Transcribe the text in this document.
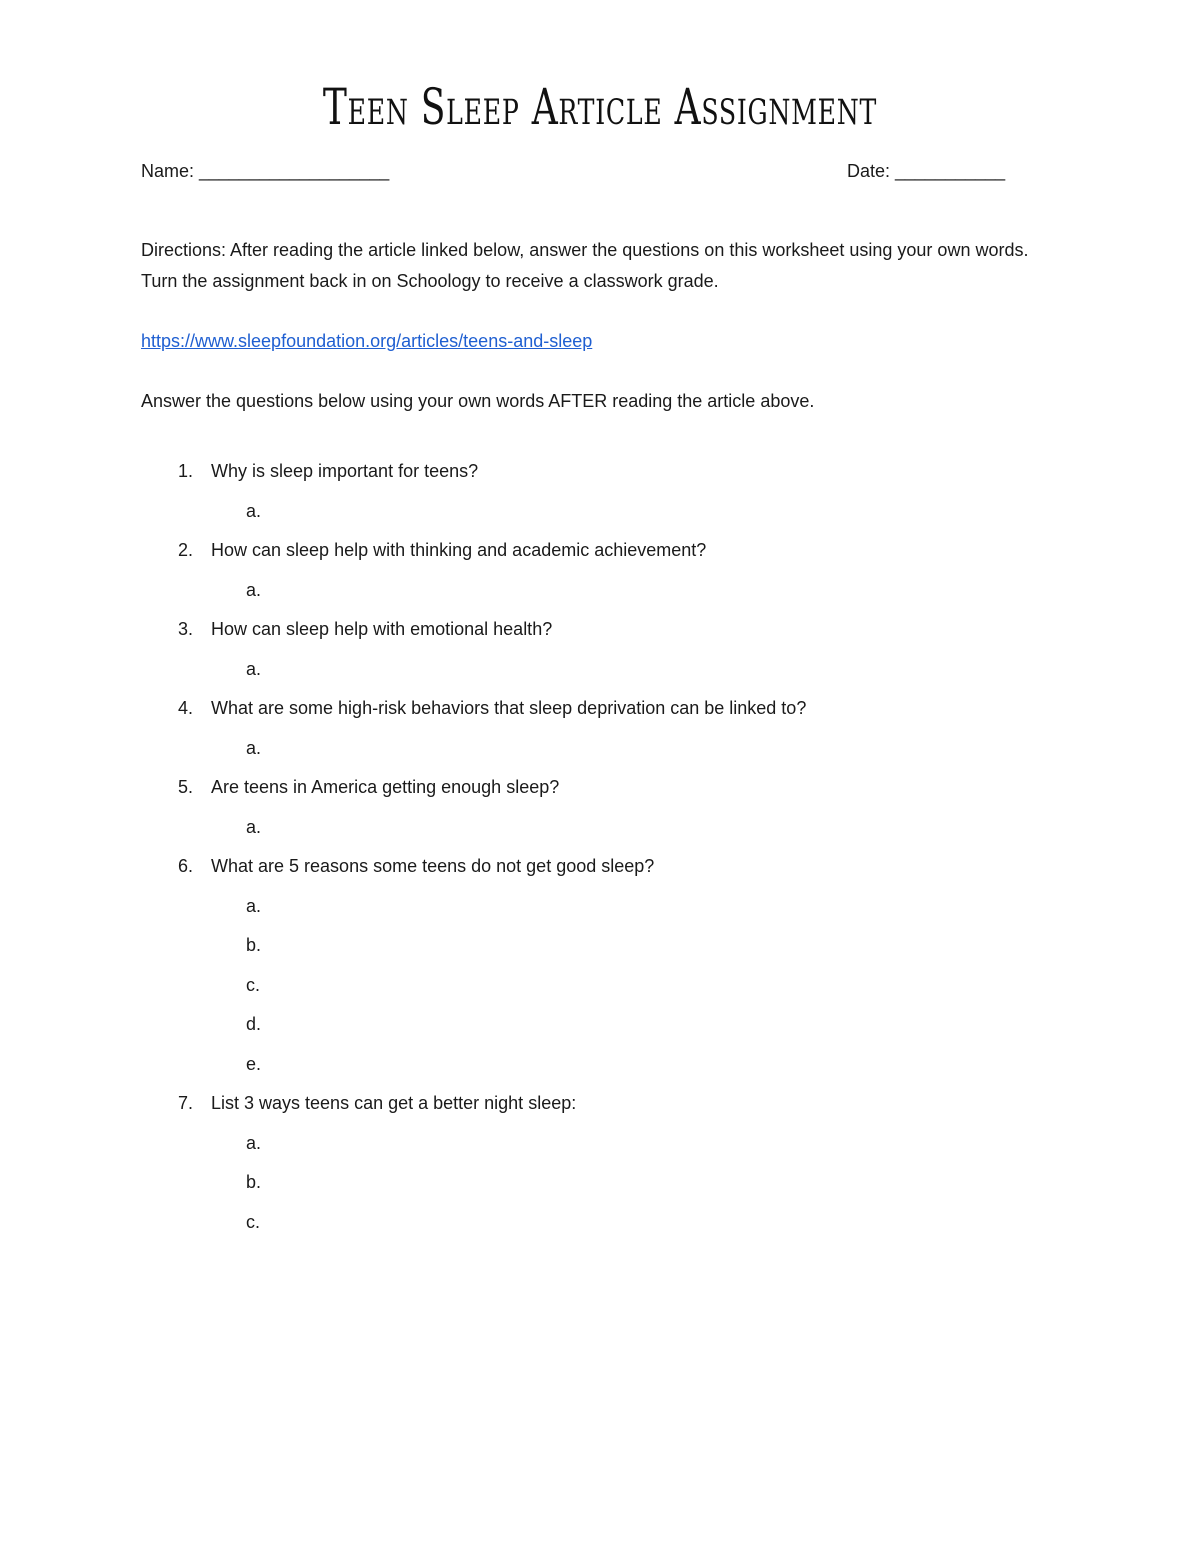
Teen Sleep Article Assignment
Name: ___________________	Date: ___________
Directions: After reading the article linked below, answer the questions on this worksheet using your own words. Turn the assignment back in on Schoology to receive a classwork grade.
https://www.sleepfoundation.org/articles/teens-and-sleep
Answer the questions below using your own words AFTER reading the article above.
1. Why is sleep important for teens?
a.
2. How can sleep help with thinking and academic achievement?
a.
3. How can sleep help with emotional health?
a.
4. What are some high-risk behaviors that sleep deprivation can be linked to?
a.
5. Are teens in America getting enough sleep?
a.
6. What are 5 reasons some teens do not get good sleep?
a.
b.
c.
d.
e.
7. List 3 ways teens can get a better night sleep:
a.
b.
c.
